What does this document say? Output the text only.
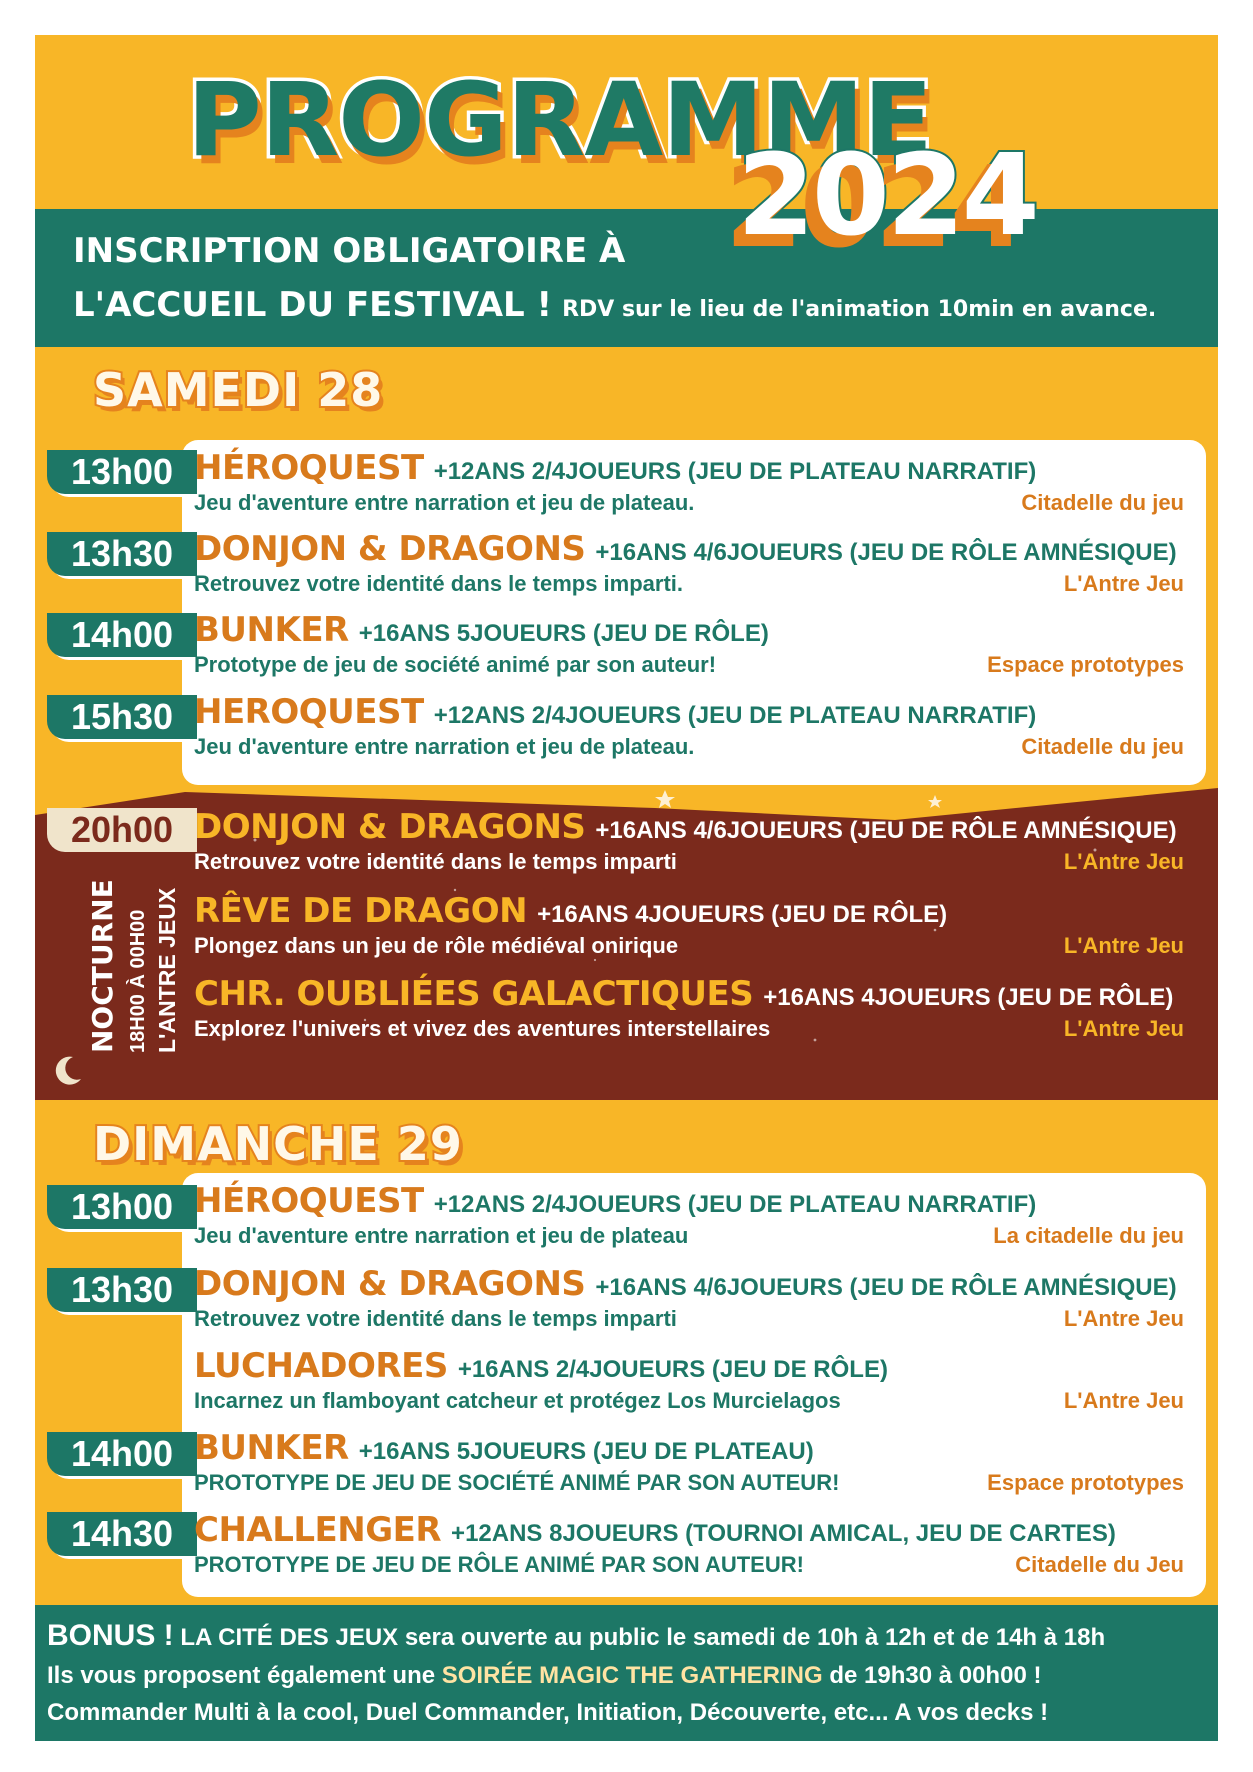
INSCRIPTION OBLIGATOIRE À
L'ACCUEIL DU FESTIVAL ! RDV sur le lieu de l'animation 10min en avance.
PROGRAMME
2024
SAMEDI 28
13h00 HÉROQUEST +12ANS 2/4JOUEURS (JEU DE PLATEAU NARRATIF)
Jeu d'aventure entre narration et jeu de plateau.	Citadelle du jeu
13h30 DONJON & DRAGONS +16ANS 4/6JOUEURS (JEU DE RÔLE AMNÉSIQUE)
Retrouvez votre identité dans le temps imparti.	L'Antre Jeu
14h00 BUNKER +16ANS 5JOUEURS (JEU DE RÔLE)
Prototype de jeu de société animé par son auteur!	Espace prototypes
15h30 HEROQUEST +12ANS 2/4JOUEURS (JEU DE PLATEAU NARRATIF)
Jeu d'aventure entre narration et jeu de plateau.	Citadelle du jeu
20h00
NOCTURNE 18H00 À 00H00 L'ANTRE JEUX
DONJON & DRAGONS +16ANS 4/6JOUEURS (JEU DE RÔLE AMNÉSIQUE)
Retrouvez votre identité dans le temps imparti	L'Antre Jeu
RÊVE DE DRAGON +16ANS 4JOUEURS (JEU DE RÔLE)
Plongez dans un jeu de rôle médiéval onirique	L'Antre Jeu
CHR. OUBLIÉES GALACTIQUES +16ANS 4JOUEURS (JEU DE RÔLE)
Explorez l'univers et vivez des aventures interstellaires	L'Antre Jeu
DIMANCHE 29
13h00 HÉROQUEST +12ANS 2/4JOUEURS (JEU DE PLATEAU NARRATIF)
Jeu d'aventure entre narration et jeu de plateau	La citadelle du jeu
13h30 DONJON & DRAGONS +16ANS 4/6JOUEURS (JEU DE RÔLE AMNÉSIQUE)
Retrouvez votre identité dans le temps imparti	L'Antre Jeu
LUCHADORES +16ANS 2/4JOUEURS (JEU DE RÔLE)
Incarnez un flamboyant catcheur et protégez Los Murcielagos	L'Antre Jeu
14h00 BUNKER +16ANS 5JOUEURS (JEU DE PLATEAU)
PROTOTYPE DE JEU DE SOCIÉTÉ ANIMÉ PAR SON AUTEUR!	Espace prototypes
14h30 CHALLENGER +12ANS 8JOUEURS (TOURNOI AMICAL, JEU DE CARTES)
PROTOTYPE DE JEU DE RÔLE ANIMÉ PAR SON AUTEUR!	Citadelle du Jeu
BONUS ! LA CITÉ DES JEUX sera ouverte au public le samedi de 10h à 12h et de 14h à 18h
Ils vous proposent également une SOIRÉE MAGIC THE GATHERING de 19h30 à 00h00 !
Commander Multi à la cool, Duel Commander, Initiation, Découverte, etc... A vos decks !
